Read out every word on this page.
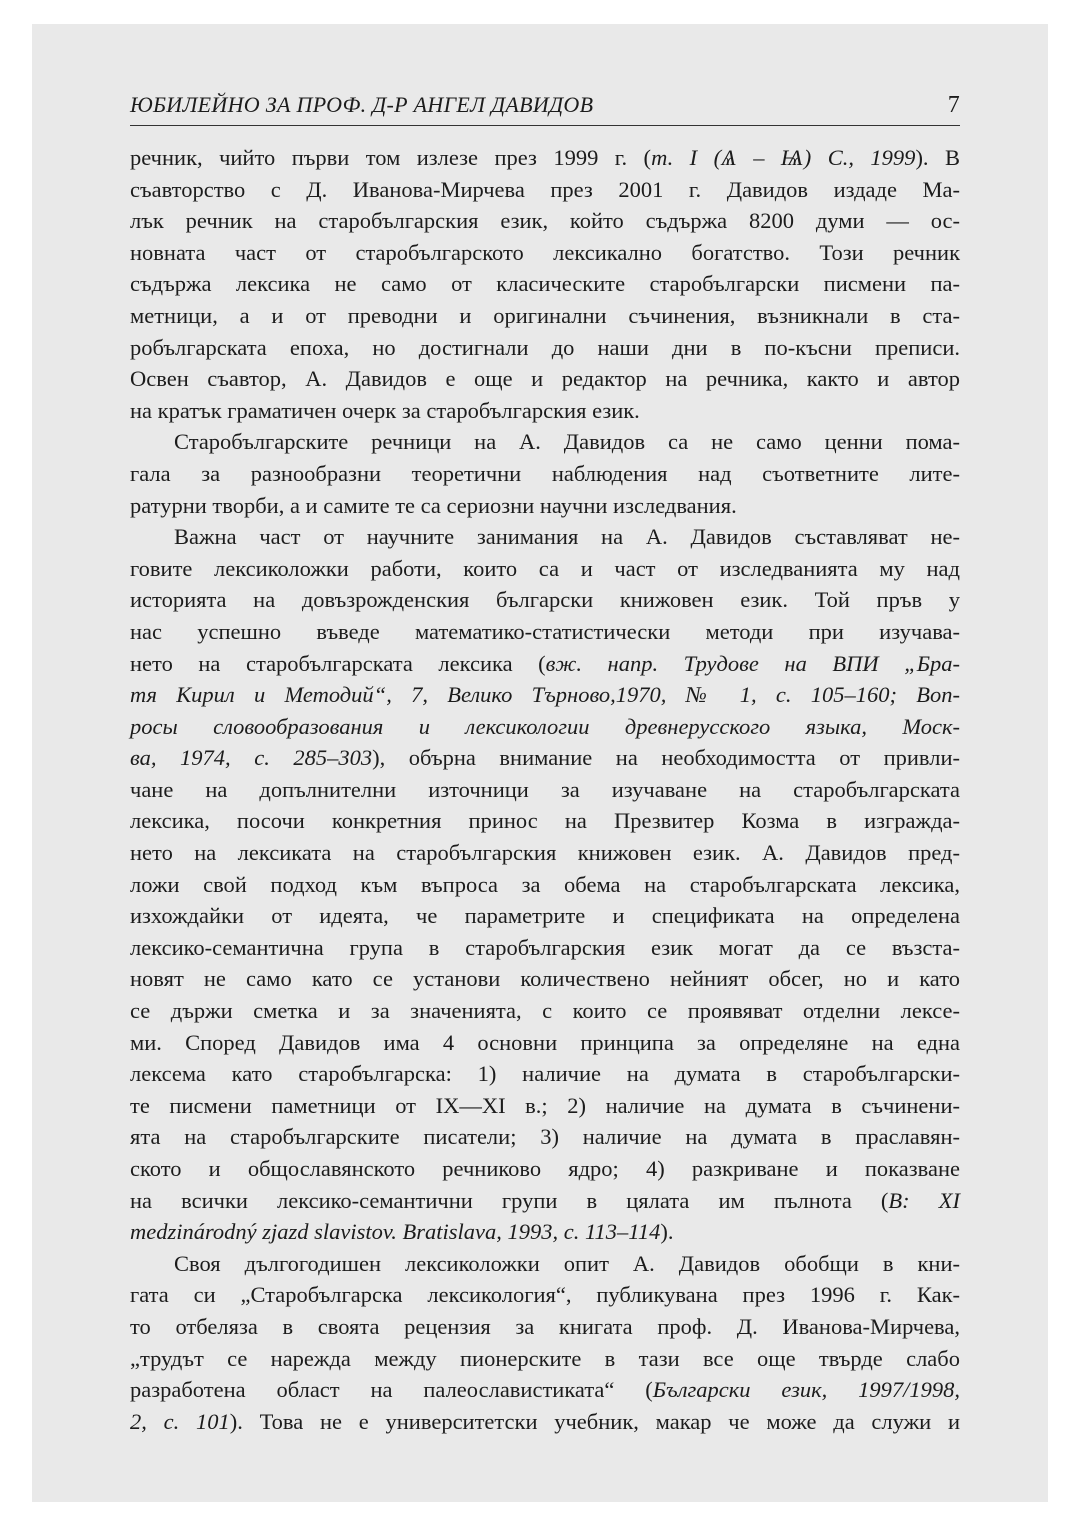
ЮБИЛЕЙНО ЗА ПРОФ. Д-Р АНГЕЛ ДАВИДОВ	7

речник, чийто първи том излезе през 1999 г. (т. I (Ѧ – Ѩ) С., 1999). В
съавторство с Д. Иванова-Мирчева през 2001 г. Давидов издаде Ма-
лък речник на старобългарския език, който съдържа 8200 думи — ос-
новната част от старобългарското лексикално богатство. Този речник
съдържа лексика не само от класическите старобългарски писмени па-
метници, а и от преводни и оригинални съчинения, възникнали в ста-
робългарската епоха, но достигнали до наши дни в по-късни преписи.
Освен съавтор, А. Давидов е още и редактор на речника, както и автор
на кратък граматичен очерк за старобългарския език.

Старобългарските речници на А. Давидов са не само ценни пома-
гала за разнообразни теоретични наблюдения над съответните лите-
ратурни творби, а и самите те са сериозни научни изследвания.

Важна част от научните занимания на А. Давидов съставляват не-
говите лексиколожки работи, които са и част от изследванията му над
историята на довъзрожденския български книжовен език. Той пръв у
нас успешно въведе математико-статистически методи при изучава-
нето на старобългарската лексика (вж. напр. Трудове на ВПИ „Бра-
тя Кирил и Методий“, 7, Велико Търново,1970, № 1, с. 105–160; Воп-
росы словообразования и лексикологии древнерусского языка, Моск-
ва, 1974, с. 285–303), обърна внимание на необходимостта от привли-
чане на допълнителни източници за изучаване на старобългарската
лексика, посочи конкретния принос на Презвитер Козма в изгражда-
нето на лексиката на старобългарския книжовен език. А. Давидов пред-
ложи свой подход към въпроса за обема на старобългарската лексика,
изхождайки от идеята, че параметрите и спецификата на определена
лексико-семантична група в старобългарския език могат да се възста-
новят не само като се установи количествено нейният обсег, но и като
се държи сметка и за значенията, с които се проявяват отделни лексе-
ми. Според Давидов има 4 основни принципа за определяне на една
лексема като старобългарска: 1) наличие на думата в старобългарски-
те писмени паметници от IX—XI в.; 2) наличие на думата в съчинени-
ята на старобългарските писатели; 3) наличие на думата в праславян-
ското и общославянското речниково ядро; 4) разкриване и показване
на всички лексико-семантични групи в цялата им пълнота (В: XI
medzinárodný zjazd slavistov. Bratislava, 1993, с. 113–114).

Своя дългогодишен лексиколожки опит А. Давидов обобщи в кни-
гата си „Старобългарска лексикология“, публикувана през 1996 г. Как-
то отбеляза в своята рецензия за книгата проф. Д. Иванова-Мирчева,
„трудът се нарежда между пионерските в тази все още твърде слабо
разработена област на палеославистиката“ (Български език, 1997/1998,
2, с. 101). Това не е университетски учебник, макар че може да служи и
